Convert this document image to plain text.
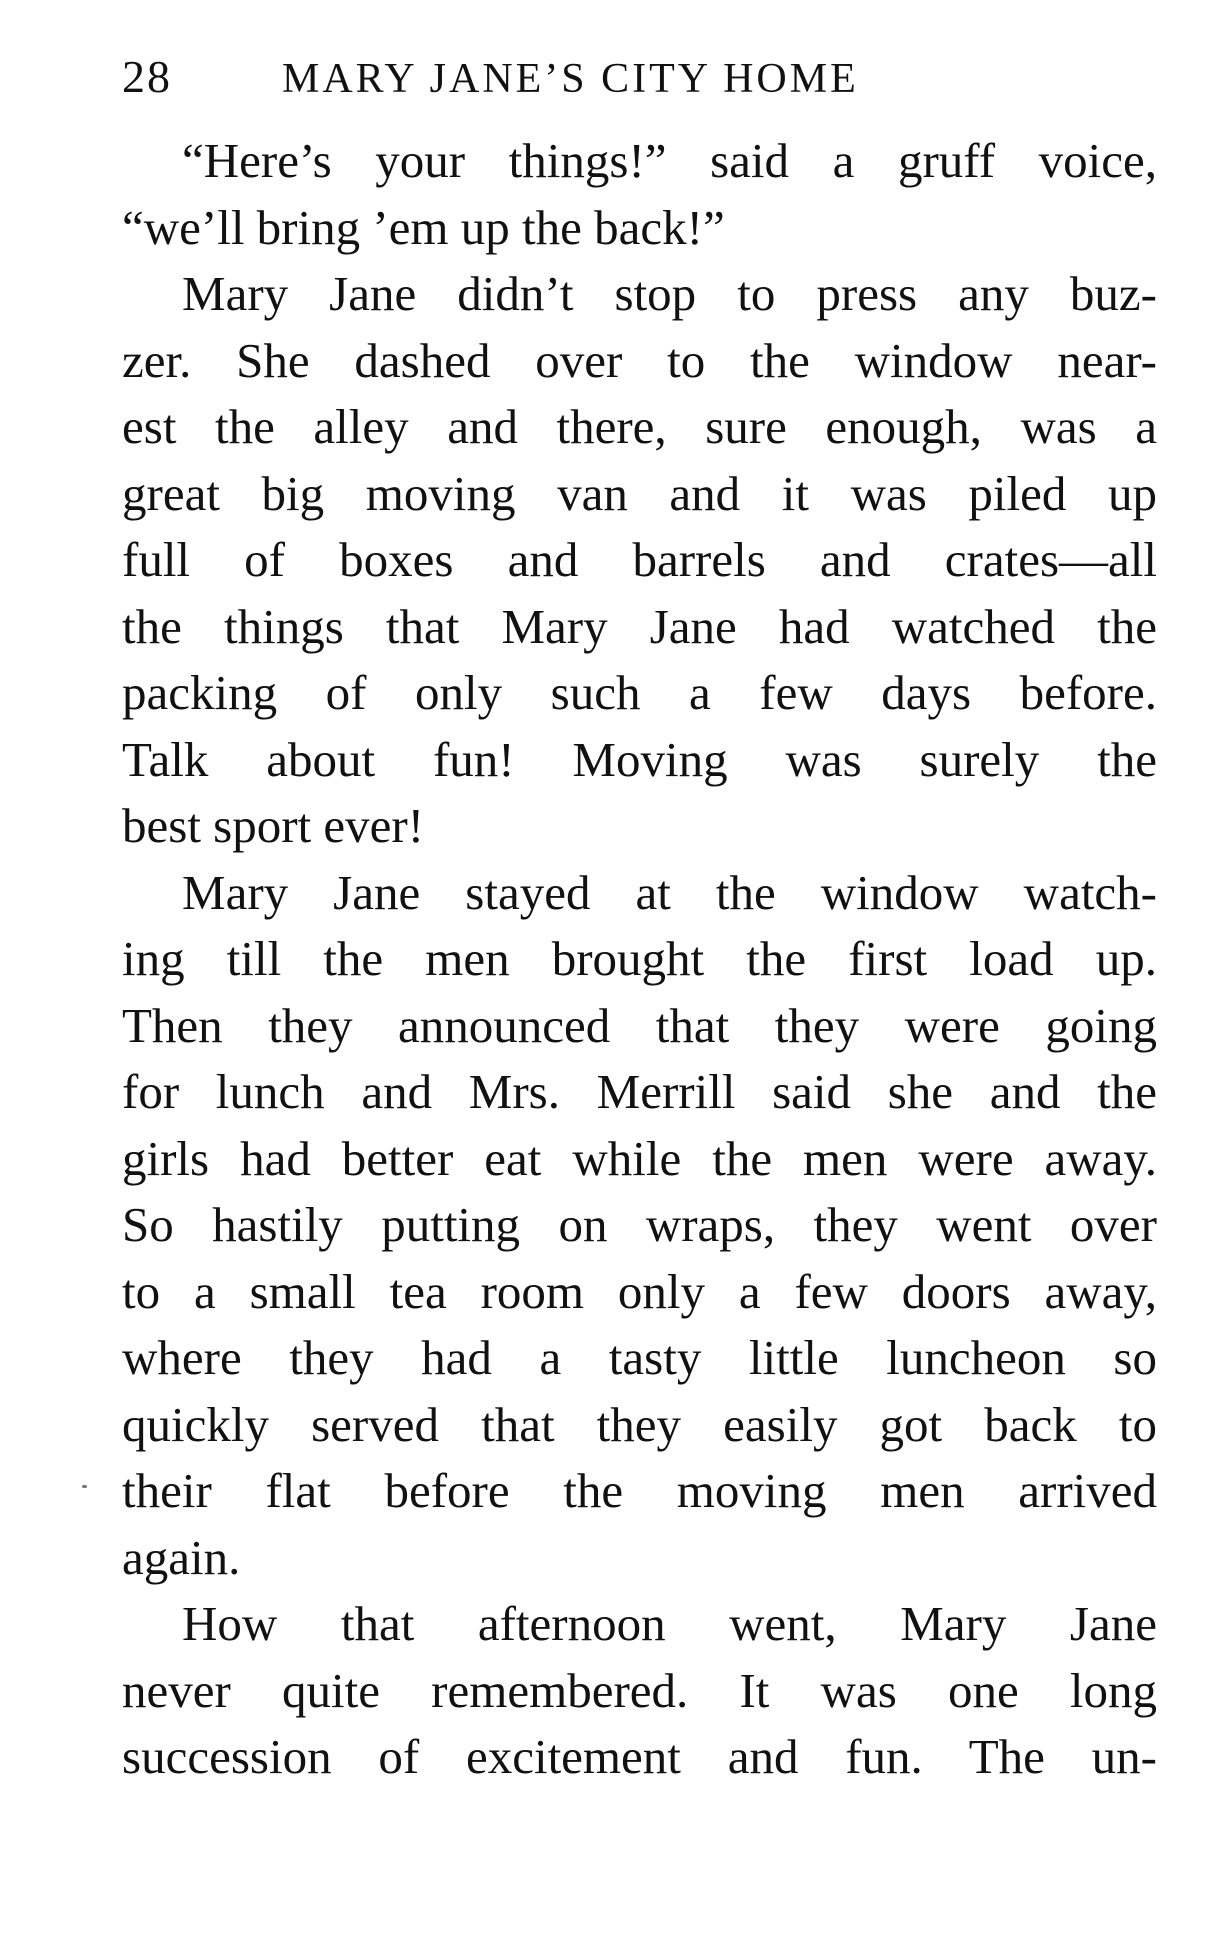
28	MARY JANE’S CITY HOME

“Here’s your things!” said a gruff voice,
“we’ll bring ’em up the back!”

Mary Jane didn’t stop to press any buz-
zer. She dashed over to the window near-
est the alley and there, sure enough, was a
great big moving van and it was piled up
full of boxes and barrels and crates—all
the things that Mary Jane had watched the
packing of only such a few days before.
Talk about fun! Moving was surely the
best sport ever!

Mary Jane stayed at the window watch-
ing till the men brought the first load up.
Then they announced that they were going
for lunch and Mrs. Merrill said she and the
girls had better eat while the men were away.
So hastily putting on wraps, they went over
to a small tea room only a few doors away,
where they had a tasty little luncheon so
quickly served that they easily got back to
their flat before the moving men arrived
again.

How that afternoon went, Mary Jane
never quite remembered. It was one long
succession of excitement and fun. The un-
